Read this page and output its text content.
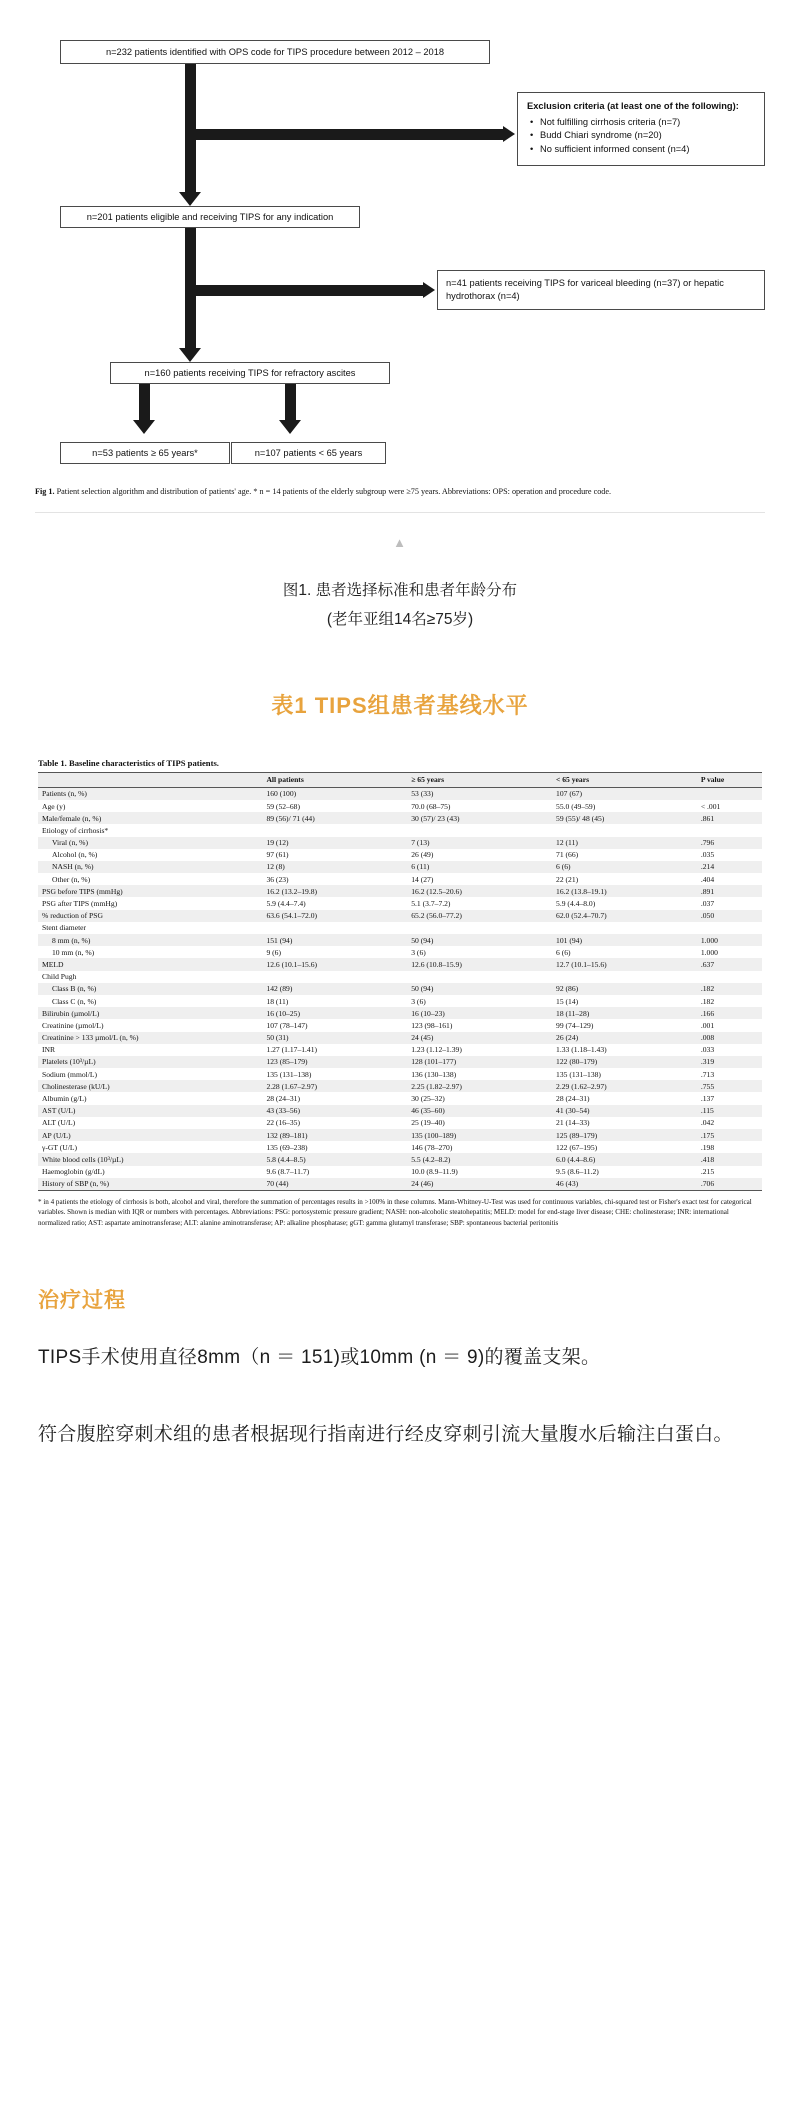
n=232 patients identified with OPS code for TIPS procedure between 2012 – 2018
Exclusion criteria (at least one of the following):
• Not fulfilling cirrhosis criteria (n=7)
• Budd Chiari syndrome (n=20)
• No sufficient informed consent (n=4)
n=201 patients eligible and receiving TIPS for any indication
n=41 patients receiving TIPS for variceal bleeding (n=37) or hepatic hydrothorax (n=4)
n=160 patients receiving TIPS for refractory ascites
n=53 patients ≥ 65 years*	n=107 patients < 65 years
Fig 1. Patient selection algorithm and distribution of patients' age. * n = 14 patients of the elderly subgroup were ≥75 years. Abbreviations: OPS: operation and procedure code.
▲
图1. 患者选择标准和患者年龄分布
(老年亚组14名≥75岁)
表1 TIPS组患者基线水平
Table 1. Baseline characteristics of TIPS patients.
	All patients	≥ 65 years	< 65 years	P value
Patients (n, %)	160 (100)	53 (33)	107 (67)	
Age (y)	59 (52–68)	70.0 (68–75)	55.0 (49–59)	< .001
Male/female (n, %)	89 (56)/ 71 (44)	30 (57)/ 23 (43)	59 (55)/ 48 (45)	.861
Etiology of cirrhosis*				
Viral (n, %)	19 (12)	7 (13)	12 (11)	.796
Alcohol (n, %)	97 (61)	26 (49)	71 (66)	.035
NASH (n, %)	12 (8)	6 (11)	6 (6)	.214
Other (n, %)	36 (23)	14 (27)	22 (21)	.404
PSG before TIPS (mmHg)	16.2 (13.2–19.8)	16.2 (12.5–20.6)	16.2 (13.8–19.1)	.891
PSG after TIPS (mmHg)	5.9 (4.4–7.4)	5.1 (3.7–7.2)	5.9 (4.4–8.0)	.037
% reduction of PSG	63.6 (54.1–72.0)	65.2 (56.0–77.2)	62.0 (52.4–70.7)	.050
Stent diameter				
8 mm (n, %)	151 (94)	50 (94)	101 (94)	1.000
10 mm (n, %)	9 (6)	3 (6)	6 (6)	1.000
MELD	12.6 (10.1–15.6)	12.6 (10.8–15.9)	12.7 (10.1–15.6)	.637
Child Pugh				
Class B (n, %)	142 (89)	50 (94)	92 (86)	.182
Class C (n, %)	18 (11)	3 (6)	15 (14)	.182
Bilirubin (µmol/L)	16 (10–25)	16 (10–23)	18 (11–28)	.166
Creatinine (µmol/L)	107 (78–147)	123 (98–161)	99 (74–129)	.001
Creatinine > 133 µmol/L (n, %)	50 (31)	24 (45)	26 (24)	.008
INR	1.27 (1.17–1.41)	1.23 (1.12–1.39)	1.33 (1.18–1.43)	.033
Platelets (10³/µL)	123 (85–179)	128 (101–177)	122 (80–179)	.319
Sodium (mmol/L)	135 (131–138)	136 (130–138)	135 (131–138)	.713
Cholinesterase (kU/L)	2.28 (1.67–2.97)	2.25 (1.82–2.97)	2.29 (1.62–2.97)	.755
Albumin (g/L)	28 (24–31)	30 (25–32)	28 (24–31)	.137
AST (U/L)	43 (33–56)	46 (35–60)	41 (30–54)	.115
ALT (U/L)	22 (16–35)	25 (19–40)	21 (14–33)	.042
AP (U/L)	132 (89–181)	135 (100–189)	125 (89–179)	.175
γ-GT (U/L)	135 (69–238)	146 (78–270)	122 (67–195)	.198
White blood cells (10³/µL)	5.8 (4.4–8.5)	5.5 (4.2–8.2)	6.0 (4.4–8.6)	.418
Haemoglobin (g/dL)	9.6 (8.7–11.7)	10.0 (8.9–11.9)	9.5 (8.6–11.2)	.215
History of SBP (n, %)	70 (44)	24 (46)	46 (43)	.706
* in 4 patients the etiology of cirrhosis is both, alcohol and viral, therefore the summation of percentages results in >100% in these columns. Mann-Whitney-U-Test was used for continuous variables, chi-squared test or Fisher's exact test for categorical variables. Shown is median with IQR or numbers with percentages. Abbreviations: PSG: portosystemic pressure gradient; NASH: non-alcoholic steatohepatitis; MELD: model for end-stage liver disease; CHE: cholinesterase; INR: international normalized ratio; AST: aspartate aminotransferase; ALT: alanine aminotransferase; AP: alkaline phosphatase; gGT: gamma glutamyl transferase; SBP: spontaneous bacterial peritonitis
治疗过程
TIPS手术使用直径8mm（n ＝ 151)或10mm (n ＝ 9)的覆盖支架。
符合腹腔穿刺术组的患者根据现行指南进行经皮穿刺引流大量腹水后输注白蛋白。
